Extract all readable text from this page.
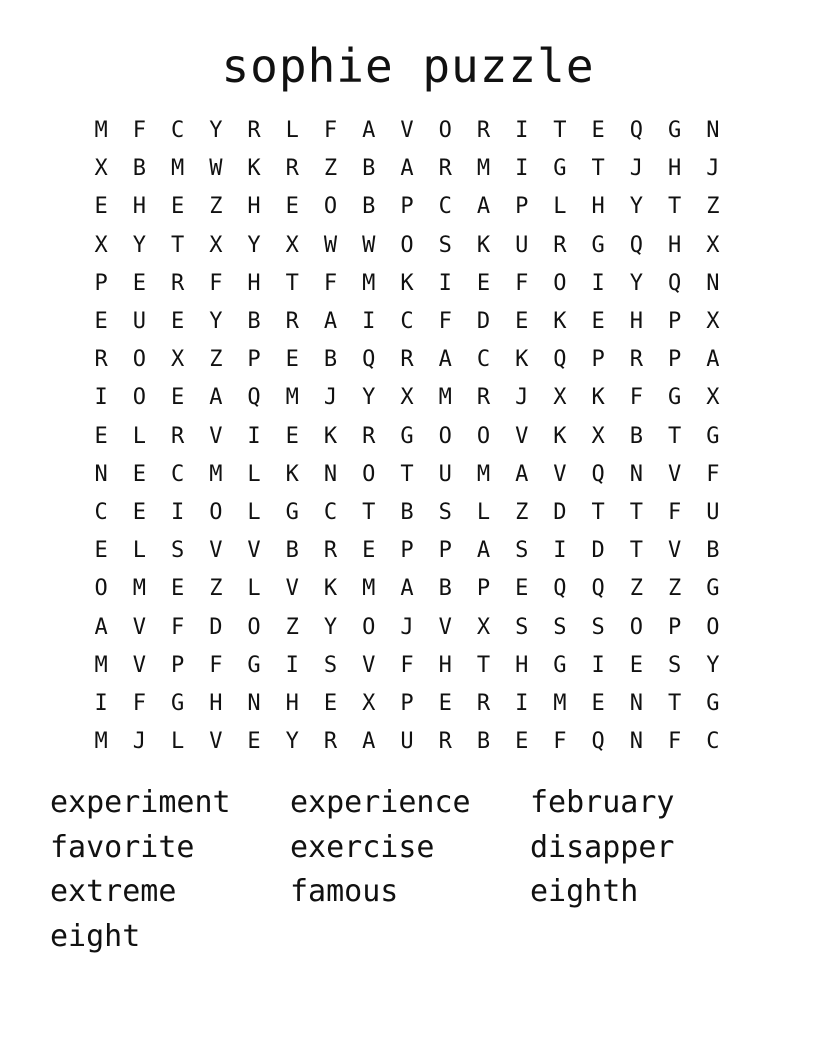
sophie puzzle
M	F	C	Y	R	L	F	A	V	O	R	I	T	E	Q	G	N
X	B	M	W	K	R	Z	B	A	R	M	I	G	T	J	H	J
E	H	E	Z	H	E	O	B	P	C	A	P	L	H	Y	T	Z
X	Y	T	X	Y	X	W	W	O	S	K	U	R	G	Q	H	X
P	E	R	F	H	T	F	M	K	I	E	F	O	I	Y	Q	N
E	U	E	Y	B	R	A	I	C	F	D	E	K	E	H	P	X
R	O	X	Z	P	E	B	Q	R	A	C	K	Q	P	R	P	A
I	O	E	A	Q	M	J	Y	X	M	R	J	X	K	F	G	X
E	L	R	V	I	E	K	R	G	O	O	V	K	X	B	T	G
N	E	C	M	L	K	N	O	T	U	M	A	V	Q	N	V	F
C	E	I	O	L	G	C	T	B	S	L	Z	D	T	T	F	U
E	L	S	V	V	B	R	E	P	P	A	S	I	D	T	V	B
O	M	E	Z	L	V	K	M	A	B	P	E	Q	Q	Z	Z	G
A	V	F	D	O	Z	Y	O	J	V	X	S	S	S	O	P	O
M	V	P	F	G	I	S	V	F	H	T	H	G	I	E	S	Y
I	F	G	H	N	H	E	X	P	E	R	I	M	E	N	T	G
M	J	L	V	E	Y	R	A	U	R	B	E	F	Q	N	F	C
experiment	experience	february
favorite	exercise	disapper
extreme	famous	eighth
eight
